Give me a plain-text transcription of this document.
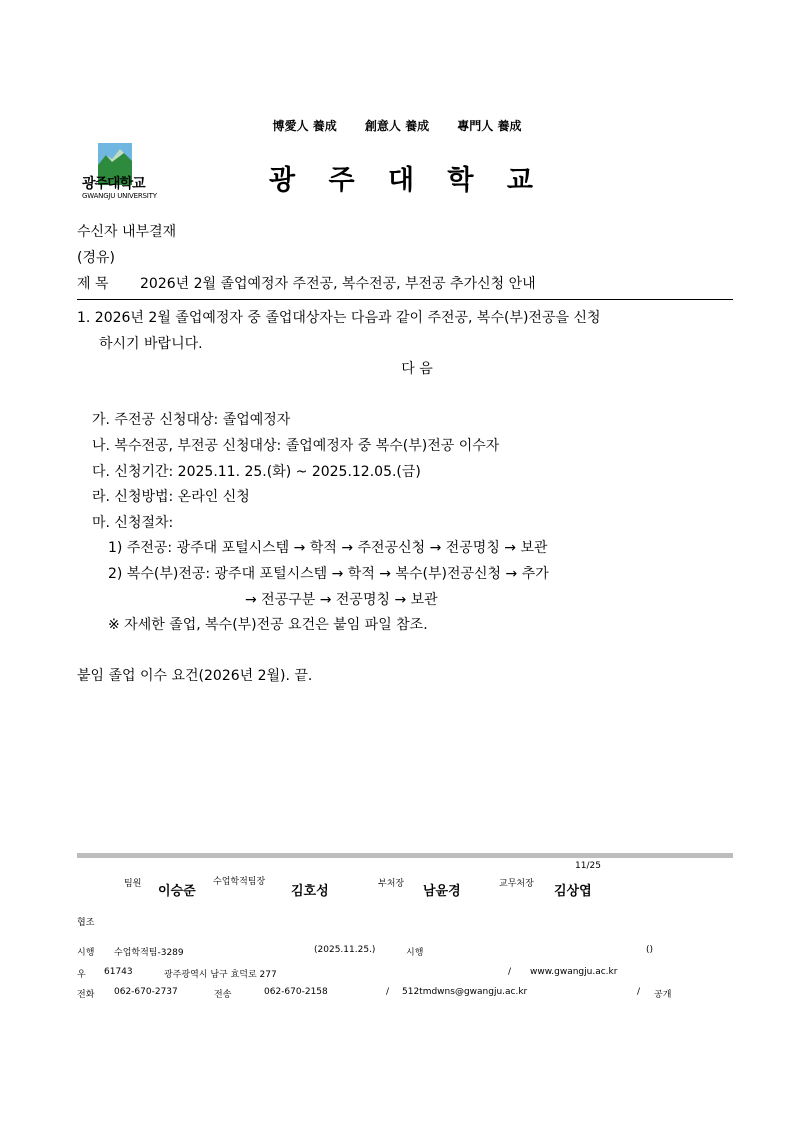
博愛人 養成 創意人 養成 專門人 養成
광주대학교
GWANGJU UNIVERSITY	광 주 대 학 교
수신자 내부결재
(경유)
제 목 2026년 2월 졸업예정자 주전공, 복수전공, 부전공 추가신청 안내
1. 2026년 2월 졸업예정자 중 졸업대상자는 다음과 같이 주전공, 복수(부)전공을 신청
하시기 바랍니다.
다 음
가. 주전공 신청대상: 졸업예정자
나. 복수전공, 부전공 신청대상: 졸업예정자 중 복수(부)전공 이수자
다. 신청기간: 2025.11. 25.(화) ~ 2025.12.05.(금)
라. 신청방법: 온라인 신청
마. 신청절차:
1) 주전공: 광주대 포털시스템 → 학적 → 주전공신청 → 전공명칭 → 보관
2) 복수(부)전공: 광주대 포털시스템 → 학적 → 복수(부)전공신청 → 추가
→ 전공구분 → 전공명칭 → 보관
※ 자세한 졸업, 복수(부)전공 요건은 붙임 파일 참조.
붙임 졸업 이수 요건(2026년 2월). 끝.
11/25
팀원 이승준
수업학적팀장
김호성	부처장 남윤경	교무처장 김상엽
협조
시행 수업학적팀-3289	(2025.11.25.)	시행	()
우 61743	광주광역시 남구 효덕로 277	/ www.gwangju.ac.kr
전화 062-670-2737	전송	062-670-2158	/ 512tmdwns@gwangju.ac.kr	/ 공개
